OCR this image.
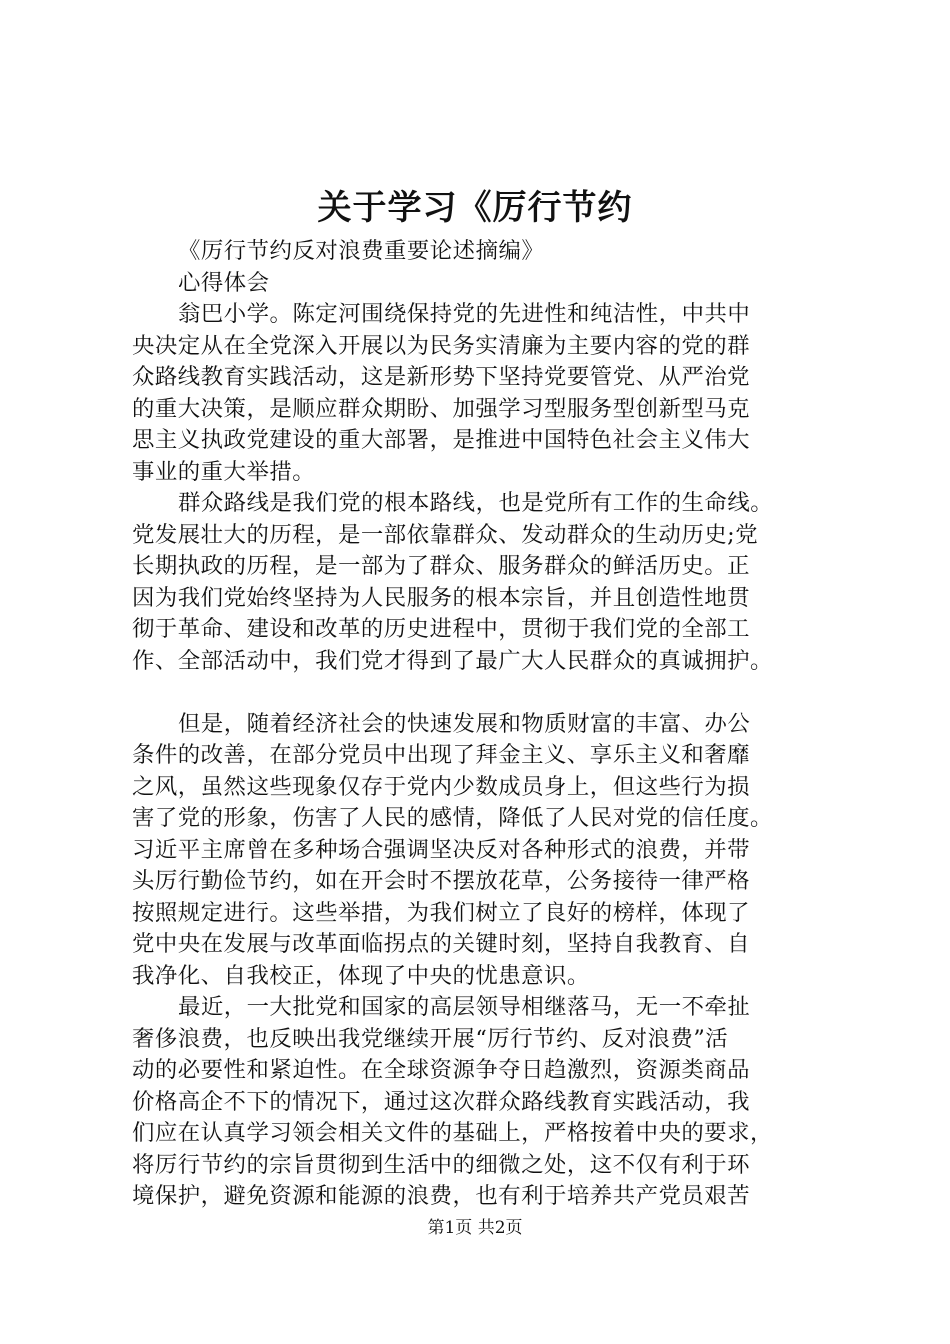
关于学习《厉行节约
《厉行节约反对浪费重要论述摘编》
心得体会
翁巴小学。陈定河围绕保持党的先进性和纯洁性，中共中
央决定从在全党深入开展以为民务实清廉为主要内容的党的群
众路线教育实践活动，这是新形势下坚持党要管党、从严治党
的重大决策，是顺应群众期盼、加强学习型服务型创新型马克
思主义执政党建设的重大部署，是推进中国特色社会主义伟大
事业的重大举措。
群众路线是我们党的根本路线，也是党所有工作的生命线。
党发展壮大的历程，是一部依靠群众、发动群众的生动历史;党
长期执政的历程，是一部为了群众、服务群众的鲜活历史。正
因为我们党始终坚持为人民服务的根本宗旨，并且创造性地贯
彻于革命、建设和改革的历史进程中，贯彻于我们党的全部工
作、全部活动中，我们党才得到了最广大人民群众的真诚拥护。
但是，随着经济社会的快速发展和物质财富的丰富、办公
条件的改善，在部分党员中出现了拜金主义、享乐主义和奢靡
之风，虽然这些现象仅存于党内少数成员身上，但这些行为损
害了党的形象，伤害了人民的感情，降低了人民对党的信任度。
习近平主席曾在多种场合强调坚决反对各种形式的浪费，并带
头厉行勤俭节约，如在开会时不摆放花草，公务接待一律严格
按照规定进行。这些举措，为我们树立了良好的榜样，体现了
党中央在发展与改革面临拐点的关键时刻，坚持自我教育、自
我净化、自我校正，体现了中央的忧患意识。
最近，一大批党和国家的高层领导相继落马，无一不牵扯
奢侈浪费，也反映出我党继续开展“厉行节约、反对浪费”活
动的必要性和紧迫性。在全球资源争夺日趋激烈，资源类商品
价格高企不下的情况下，通过这次群众路线教育实践活动，我
们应在认真学习领会相关文件的基础上，严格按着中央的要求，
将厉行节约的宗旨贯彻到生活中的细微之处，这不仅有利于环
境保护，避免资源和能源的浪费，也有利于培养共产党员艰苦
第1页 共2页
